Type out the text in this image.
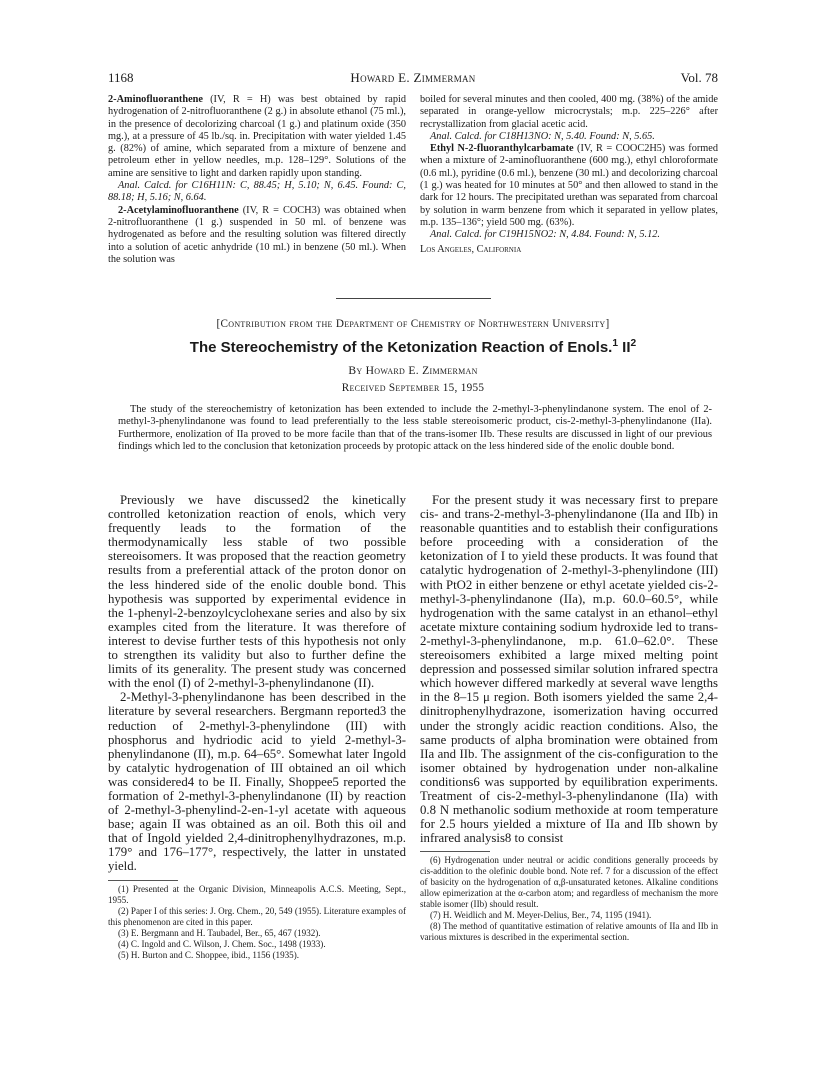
1168	Howard E. Zimmerman	Vol. 78

2-Aminofluoranthene (IV, R = H) was best obtained by rapid hydrogenation of 2-nitrofluoranthene (2 g.) in absolute ethanol (75 ml.), in the presence of decolorizing charcoal (1 g.) and platinum oxide (350 mg.), at a pressure of 45 lb./sq. in. Precipitation with water yielded 1.45 g. (82%) of amine, which separated from a mixture of benzene and petroleum ether in yellow needles, m.p. 128–129°. Solutions of the amine are sensitive to light and darken rapidly upon standing.

Anal. Calcd. for C16H11N: C, 88.45; H, 5.10; N, 6.45. Found: C, 88.18; H, 5.16; N, 6.64.

2-Acetylaminofluoranthene (IV, R = COCH3) was obtained when 2-nitrofluoranthene (1 g.) suspended in 50 ml. of benzene was hydrogenated as before and the resulting solution was filtered directly into a solution of acetic anhydride (10 ml.) in benzene (50 ml.). When the solution was

boiled for several minutes and then cooled, 400 mg. (38%) of the amide separated in orange-yellow microcrystals; m.p. 225–226° after recrystallization from glacial acetic acid.

Anal. Calcd. for C18H13NO: N, 5.40. Found: N, 5.65.

Ethyl N-2-fluoranthylcarbamate (IV, R = COOC2H5) was formed when a mixture of 2-aminofluoranthene (600 mg.), ethyl chloroformate (0.6 ml.), pyridine (0.6 ml.), benzene (30 ml.) and decolorizing charcoal (1 g.) was heated for 10 minutes at 50° and then allowed to stand in the dark for 12 hours. The precipitated urethan was separated from charcoal by solution in warm benzene from which it separated in yellow plates, m.p. 135–136°; yield 500 mg. (63%).

Anal. Calcd. for C19H15NO2: N, 4.84. Found: N, 5.12.

Los Angeles, California

[Contribution from the Department of Chemistry of Northwestern University]
The Stereochemistry of the Ketonization Reaction of Enols.$^1$ $II^2$
By Howard E. Zimmerman
Received September 15, 1955
The study of the stereochemistry of ketonization has been extended to include the 2-methyl-3-phenylindanone system. The enol of 2-methyl-3-phenylindanone was found to lead preferentially to the less stable stereoisomeric product, cis-2-methyl-3-phenylindanone (IIa). Furthermore, enolization of IIa proved to be more facile than that of the trans-isomer IIb. These results are discussed in light of our previous findings which led to the conclusion that ketonization proceeds by protopic attack on the less hindered side of the enolic double bond.

Previously we have discussed2 the kinetically controlled ketonization reaction of enols, which very frequently leads to the formation of the thermodynamically less stable of two possible stereoisomers. It was proposed that the reaction geometry results from a preferential attack of the proton donor on the less hindered side of the enolic double bond. This hypothesis was supported by experimental evidence in the 1-phenyl-2-benzoylcyclohexane series and also by six examples cited from the literature. It was therefore of interest to devise further tests of this hypothesis not only to strengthen its validity but also to further define the limits of its generality. The present study was concerned with the enol (I) of 2-methyl-3-phenylindanone (II).

2-Methyl-3-phenylindanone has been described in the literature by several researchers. Bergmann reported3 the reduction of 2-methyl-3-phenylindone (III) with phosphorus and hydriodic acid to yield 2-methyl-3-phenylindanone (II), m.p. 64–65°. Somewhat later Ingold by catalytic hydrogenation of III obtained an oil which was considered4 to be II. Finally, Shoppee5 reported the formation of 2-methyl-3-phenylindanone (II) by reaction of 2-methyl-3-phenylind-2-en-1-yl acetate with aqueous base; again II was obtained as an oil. Both this oil and that of Ingold yielded 2,4-dinitrophenylhydrazones, m.p. 179° and 176–177°, respectively, the latter in unstated yield.

(1) Presented at the Organic Division, Minneapolis A.C.S. Meeting, Sept., 1955.

(2) Paper I of this series: J. Org. Chem., 20, 549 (1955). Literature examples of this phenomenon are cited in this paper.

(3) E. Bergmann and H. Taubadel, Ber., 65, 467 (1932).

(4) C. Ingold and C. Wilson, J. Chem. Soc., 1498 (1933).

(5) H. Burton and C. Shoppee, ibid., 1156 (1935).

For the present study it was necessary first to prepare cis- and trans-2-methyl-3-phenylindanone (IIa and IIb) in reasonable quantities and to establish their configurations before proceeding with a consideration of the ketonization of I to yield these products. It was found that catalytic hydrogenation of 2-methyl-3-phenylindone (III) with PtO2 in either benzene or ethyl acetate yielded cis-2-methyl-3-phenylindanone (IIa), m.p. 60.0–60.5°, while hydrogenation with the same catalyst in an ethanol–ethyl acetate mixture containing sodium hydroxide led to trans-2-methyl-3-phenylindanone, m.p. 61.0–62.0°. These stereoisomers exhibited a large mixed melting point depression and possessed similar solution infrared spectra which however differed markedly at several wave lengths in the 8–15 μ region. Both isomers yielded the same 2,4-dinitrophenylhydrazone, isomerization having occurred under the strongly acidic reaction conditions. Also, the same products of alpha bromination were obtained from IIa and IIb. The assignment of the cis-configuration to the isomer obtained by hydrogenation under non-alkaline conditions6 was supported by equilibration experiments. Treatment of cis-2-methyl-3-phenylindanone (IIa) with 0.8 N methanolic sodium methoxide at room temperature for 2.5 hours yielded a mixture of IIa and IIb shown by infrared analysis8 to consist

(6) Hydrogenation under neutral or acidic conditions generally proceeds by cis-addition to the olefinic double bond. Note ref. 7 for a discussion of the effect of basicity on the hydrogenation of α,β-unsaturated ketones. Alkaline conditions allow epimerization at the α-carbon atom; and regardless of mechanism the more stable isomer (IIb) should result.

(7) H. Weidlich and M. Meyer-Delius, Ber., 74, 1195 (1941).

(8) The method of quantitative estimation of relative amounts of IIa and IIb in various mixtures is described in the experimental section.
